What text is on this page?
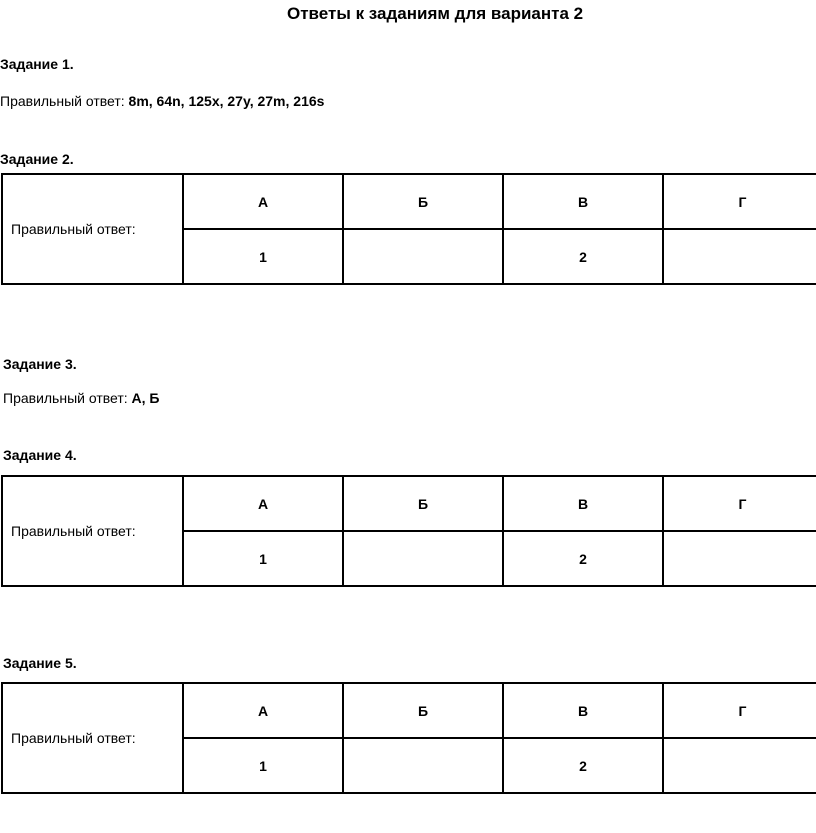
Ответы к заданиям для варианта 2
Задание 1.
Правильный ответ: 8m, 64n, 125x, 27y, 27m, 216s
Задание 2.
Правильный ответ:	А	Б	В	Г
	1		2	
Задание 3.
Правильный ответ: А, Б
Задание 4.
Правильный ответ:	А	Б	В	Г
	1		2	
Задание 5.
Правильный ответ:	А	Б	В	Г
	1		2	
